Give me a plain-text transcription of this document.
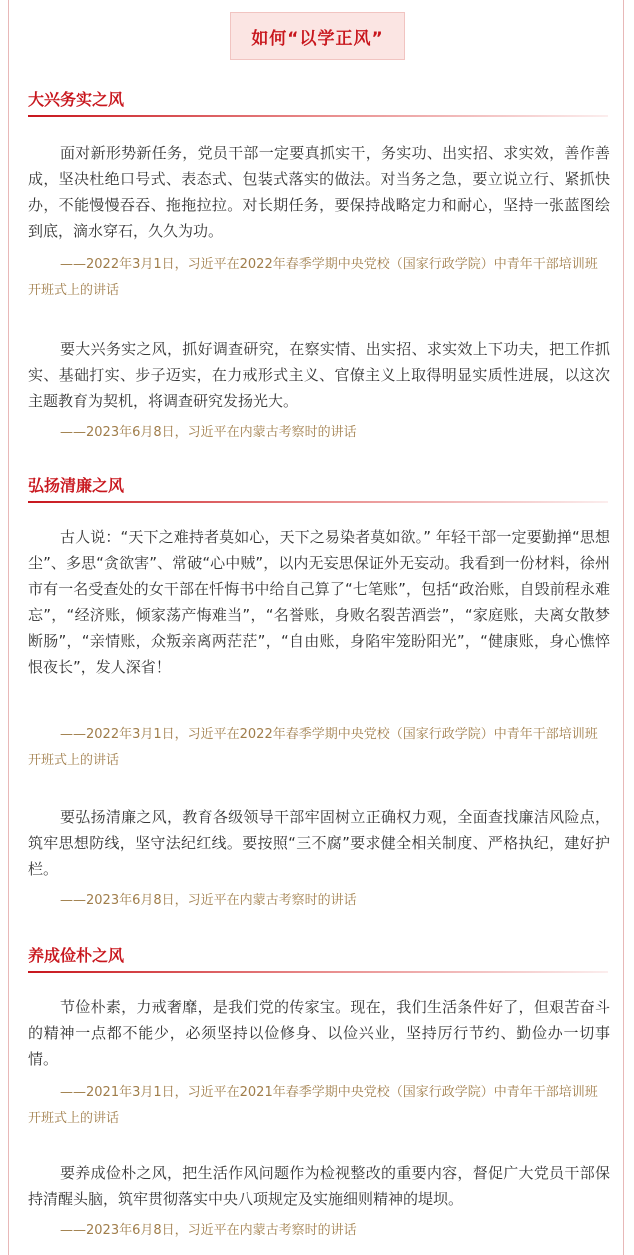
如何“以学正风”
大兴务实之风

面对新形势新任务，党员干部一定要真抓实干，务实功、出实招、求实效，善作善成，坚决杜绝口号式、表态式、包装式落实的做法。对当务之急，要立说立行、紧抓快办，不能慢慢吞吞、拖拖拉拉。对长期任务，要保持战略定力和耐心，坚持一张蓝图绘到底，滴水穿石，久久为功。

——2022年3月1日，习近平在2022年春季学期中央党校（国家行政学院）中青年干部培训班开班式上的讲话

要大兴务实之风，抓好调查研究，在察实情、出实招、求实效上下功夫，把工作抓实、基础打实、步子迈实，在力戒形式主义、官僚主义上取得明显实质性进展，以这次主题教育为契机，将调查研究发扬光大。

——2023年6月8日，习近平在内蒙古考察时的讲话

弘扬清廉之风

古人说：“天下之难持者莫如心，天下之易染者莫如欲。” 年轻干部一定要勤掸“思想尘”、多思“贪欲害”、常破“心中贼”，以内无妄思保证外无妄动。我看到一份材料，徐州市有一名受查处的女干部在忏悔书中给自己算了“七笔账”，包括“政治账，自毁前程永难忘”，“经济账，倾家荡产悔难当”，“名誉账，身败名裂苦酒尝”，“家庭账，夫离女散梦断肠”，“亲情账，众叛亲离两茫茫”，“自由账，身陷牢笼盼阳光”，“健康账，身心憔悴恨夜长”，发人深省！

——2022年3月1日，习近平在2022年春季学期中央党校（国家行政学院）中青年干部培训班开班式上的讲话

要弘扬清廉之风，教育各级领导干部牢固树立正确权力观，全面查找廉洁风险点，筑牢思想防线，坚守法纪红线。要按照“三不腐”要求健全相关制度、严格执纪，建好护栏。

——2023年6月8日，习近平在内蒙古考察时的讲话

养成俭朴之风

节俭朴素，力戒奢靡，是我们党的传家宝。现在，我们生活条件好了，但艰苦奋斗的精神一点都不能少，必须坚持以俭修身、以俭兴业，坚持厉行节约、勤俭办一切事情。

——2021年3月1日，习近平在2021年春季学期中央党校（国家行政学院）中青年干部培训班开班式上的讲话

要养成俭朴之风，把生活作风问题作为检视整改的重要内容，督促广大党员干部保持清醒头脑，筑牢贯彻落实中央八项规定及实施细则精神的堤坝。

——2023年6月8日，习近平在内蒙古考察时的讲话
